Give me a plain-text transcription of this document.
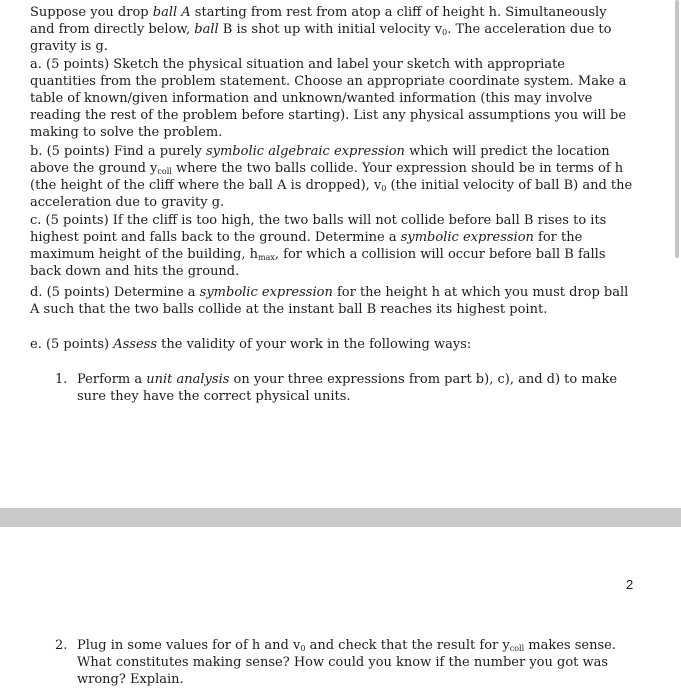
Suppose you drop ball A starting from rest from atop a cliff of height h. Simultaneously and from directly below, ball B is shot up with initial velocity $v_0$. The acceleration due to gravity is g.

a. (5 points) Sketch the physical situation and label your sketch with appropriate quantities from the problem statement. Choose an appropriate coordinate system. Make a table of known/given information and unknown/wanted information (this may involve reading the rest of the problem before starting). List any physical assumptions you will be making to solve the problem.

b. (5 points) Find a purely symbolic algebraic expression which will predict the location above the ground $y_{coll}$ where the two balls collide. Your expression should be in terms of h (the height of the cliff where the ball A is dropped), $v_0$ (the initial velocity of ball B) and the acceleration due to gravity g.

c. (5 points) If the cliff is too high, the two balls will not collide before ball B rises to its highest point and falls back to the ground. Determine a symbolic expression for the maximum height of the building, $h_{max}$, for which a collision will occur before ball B falls back down and hits the ground.

d. (5 points) Determine a symbolic expression for the height h at which you must drop ball A such that the two balls collide at the instant ball B reaches its highest point.

e. (5 points) Assess the validity of your work in the following ways:

1. Perform a unit analysis on your three expressions from part b), c), and d) to make sure they have the correct physical units.
2
2. Plug in some values for of h and $v_0$ and check that the result for $y_{coll}$ makes sense. What constitutes making sense? How could you know if the number you got was wrong? Explain.
